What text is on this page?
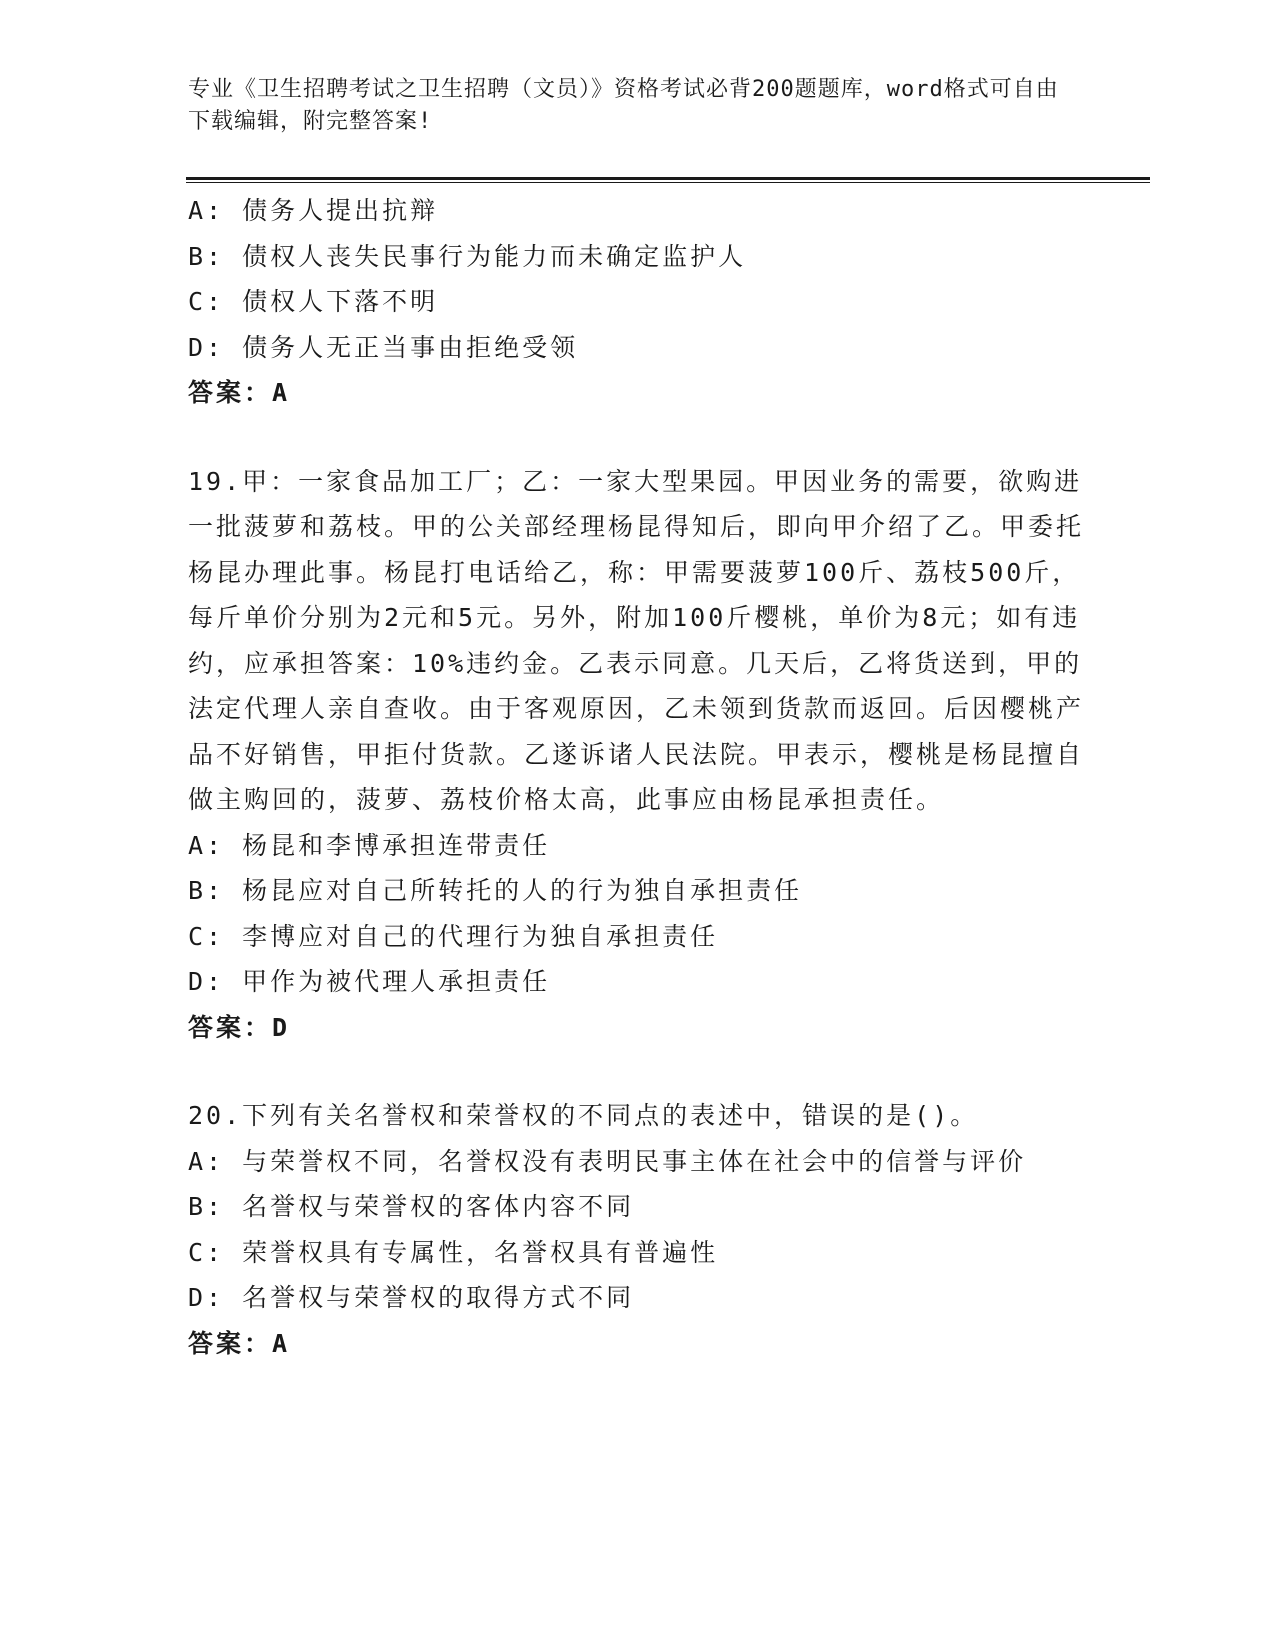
专业《卫生招聘考试之卫生招聘（文员）》资格考试必背200题题库，word格式可自由下载编辑，附完整答案!
A: 债务人提出抗辩
B: 债权人丧失民事行为能力而未确定监护人
C: 债权人下落不明
D: 债务人无正当事由拒绝受领
答案：A
19.甲：一家食品加工厂；乙：一家大型果园。甲因业务的需要，欲购进一批菠萝和荔枝。甲的公关部经理杨昆得知后，即向甲介绍了乙。甲委托杨昆办理此事。杨昆打电话给乙，称：甲需要菠萝100斤、荔枝500斤，每斤单价分别为2元和5元。另外，附加100斤樱桃，单价为8元；如有违约，应承担答案：10%违约金。乙表示同意。几天后，乙将货送到，甲的法定代理人亲自查收。由于客观原因，乙未领到货款而返回。后因樱桃产品不好销售，甲拒付货款。乙遂诉诸人民法院。甲表示，樱桃是杨昆擅自做主购回的，菠萝、荔枝价格太高，此事应由杨昆承担责任。
A: 杨昆和李博承担连带责任
B: 杨昆应对自己所转托的人的行为独自承担责任
C: 李博应对自己的代理行为独自承担责任
D: 甲作为被代理人承担责任
答案：D
20.下列有关名誉权和荣誉权的不同点的表述中，错误的是()。
A: 与荣誉权不同，名誉权没有表明民事主体在社会中的信誉与评价
B: 名誉权与荣誉权的客体内容不同
C: 荣誉权具有专属性，名誉权具有普遍性
D: 名誉权与荣誉权的取得方式不同
答案：A
